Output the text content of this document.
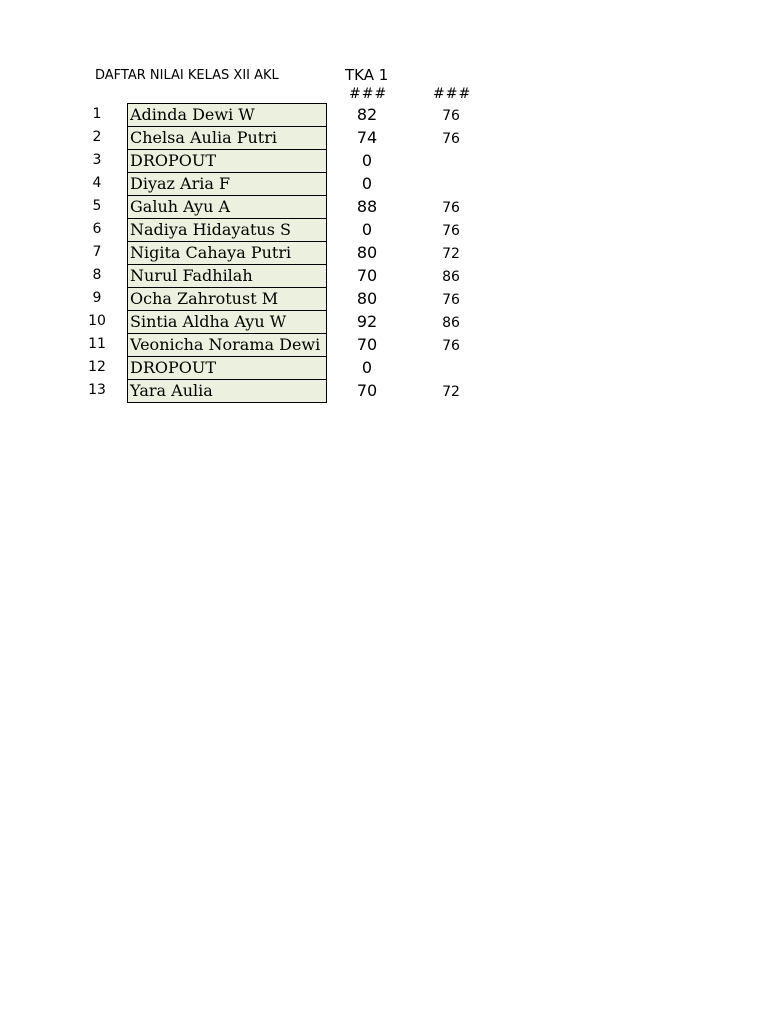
DAFTAR NILAI KELAS XII AKL	TKA 1
###	###
1	Adinda Dewi W	82	76
2	Chelsa Aulia Putri	74	76
3	DROPOUT	0
4	Diyaz Aria F	0
5	Galuh Ayu A	88	76
6	Nadiya Hidayatus S	0	76
7	Nigita Cahaya Putri	80	72
8	Nurul Fadhilah	70	86
9	Ocha Zahrotust M	80	76
10	Sintia Aldha Ayu W	92	86
11	Veonicha Norama Dewi	70	76
12	DROPOUT	0
13	Yara Aulia	70	72
